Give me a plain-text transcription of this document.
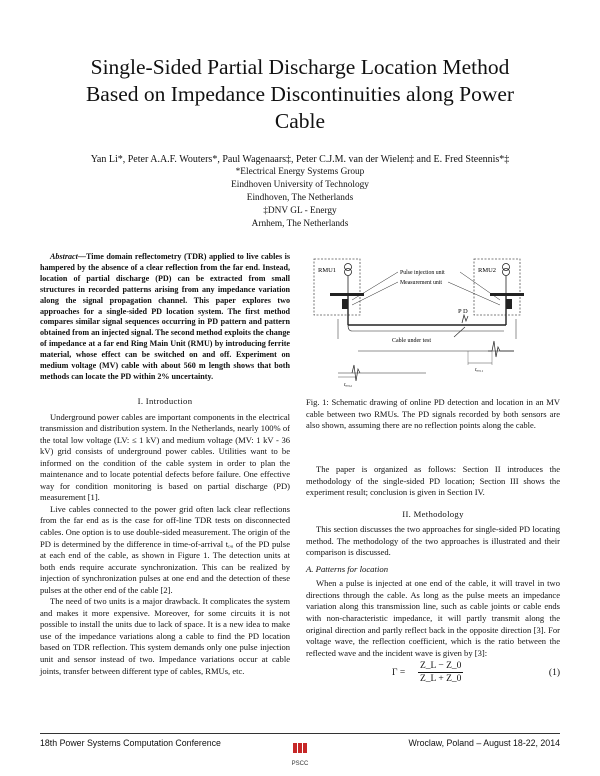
Single-Sided Partial Discharge Location Method
Based on Impedance Discontinuities along Power
Cable
Yan Li*, Peter A.A.F. Wouters*, Paul Wagenaars‡, Peter C.J.M. van der Wielen‡ and E. Fred Steennis*‡
*Electrical Energy Systems Group
Eindhoven University of Technology
Eindhoven, The Netherlands
‡DNV GL - Energy
Arnhem, The Netherlands

Abstract—Time domain reflectometry (TDR) applied to live cables is hampered by the absence of a clear reflection from the far end. Instead, location of partial discharge (PD) can be extracted from small structures in recorded patterns arising from any impedance variation along the signal propagation channel. This paper explores two approaches for a single-sided PD location system. The first method compares similar signal sequences occurring in PD pattern and pattern obtained from an injected signal. The second method exploits the change of impedance at a far end Ring Main Unit (RMU) by introducing ferrite material, whose effect can be switched on and off. Experiment on medium voltage (MV) cable with about 560 m length shows that both methods can locate the PD within 2% uncertainty.

I. Introduction

Underground power cables are important components in the electrical transmission and distribution system. In the Netherlands, nearly 100% of the total low voltage (LV: ≤ 1 kV) and medium voltage (MV: 1 kV - 36 kV) grid consists of underground power cables. Utilities want to be informed on the condition of the cable system in order to plan the maintenance and to locate potential defects before failure. One effective way for condition monitoring is based on partial discharge (PD) measurement [1].

Live cables connected to the power grid often lack clear reflections from the far end as is the case for off-line TDR tests on disconnected cables. One option is to use double-sided measurement. The origin of the PD is determined by the difference in time-of-arrival tₒᵤ of the PD pulse at each end of the cable, as shown in Figure 1. The detection units at both ends require accurate synchronization. This can be realized by injection of synchronization pulses at one end and the detection of these pulses at the other end of the cable [2].

The need of two units is a major drawback. It complicates the system and makes it more expensive. Moreover, for some circuits it is not possible to install the units due to lack of space. It is a new idea to make use of the impedance variations along a cable to find the PD location based on TDR reflection. This system demands only one pulse injection unit and sensor instead of two. Impedance variations occur at cable joints, transfer between different type of cables, RMUs, etc.

RMU1	RMU2
Pulse injection unit
Measurement unit
P D
Cable under test
tₒᵤ,₁
tₒᵤ,₂
Fig. 1: Schematic drawing of online PD detection and location in an MV cable between two RMUs. The PD signals recorded by both sensors are also shown, assuming there are no reflection points along the cable.

The paper is organized as follows: Section II introduces the methodology of the single-sided PD location; Section III shows the experiment result; conclusion is given in Section IV.

II. Methodology

This section discusses the two approaches for single-sided PD locating method. The methodology of the two approaches is illustrated and their comparison is discussed.

A. Patterns for location

When a pulse is injected at one end of the cable, it will travel in two directions through the cable. As long as the pulse meets an impedance variation along this transmission line, such as cable joints or cable ends with non-characteristic impedance, it will partly transmit along the original direction and partly reflect back in the opposite direction [3]. For voltage wave, the reflection coefficient, which is the ratio between the reflected wave and the incident wave is given by [3]:

$\Gamma = \frac{Z\_L - Z\_0}{Z\_L + Z\_0}$	(1)
18th Power Systems Computation Conference	Wroclaw, Poland – August 18-22, 2014
PSCC
